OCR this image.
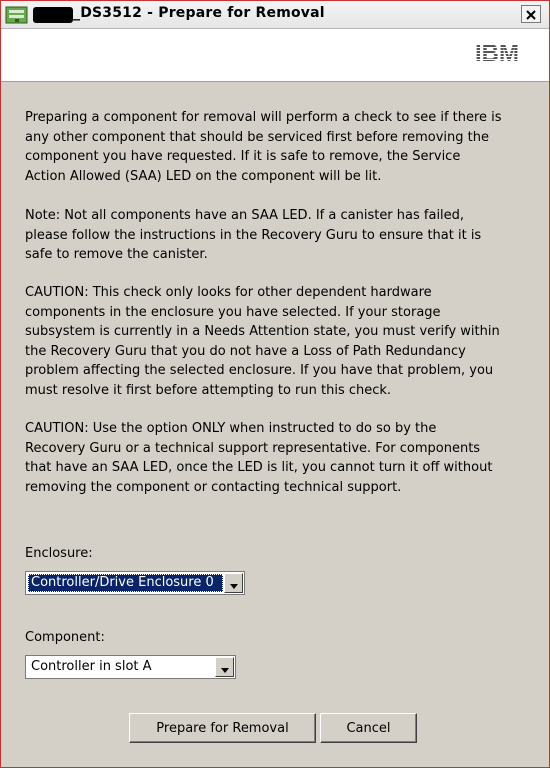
_DS3512 - Prepare for Removal
IBM
Preparing a component for removal will perform a check to see if there is
any other component that should be serviced first before removing the
component you have requested. If it is safe to remove, the Service
Action Allowed (SAA) LED on the component will be lit.
Note: Not all components have an SAA LED. If a canister has failed,
please follow the instructions in the Recovery Guru to ensure that it is
safe to remove the canister.
CAUTION: This check only looks for other dependent hardware
components in the enclosure you have selected. If your storage
subsystem is currently in a Needs Attention state, you must verify within
the Recovery Guru that you do not have a Loss of Path Redundancy
problem affecting the selected enclosure. If you have that problem, you
must resolve it first before attempting to run this check.
CAUTION: Use the option ONLY when instructed to do so by the
Recovery Guru or a technical support representative. For components
that have an SAA LED, once the LED is lit, you cannot turn it off without
removing the component or contacting technical support.
Enclosure:
Controller/Drive Enclosure 0
Component:
Controller in slot A
Prepare for Removal	Cancel
